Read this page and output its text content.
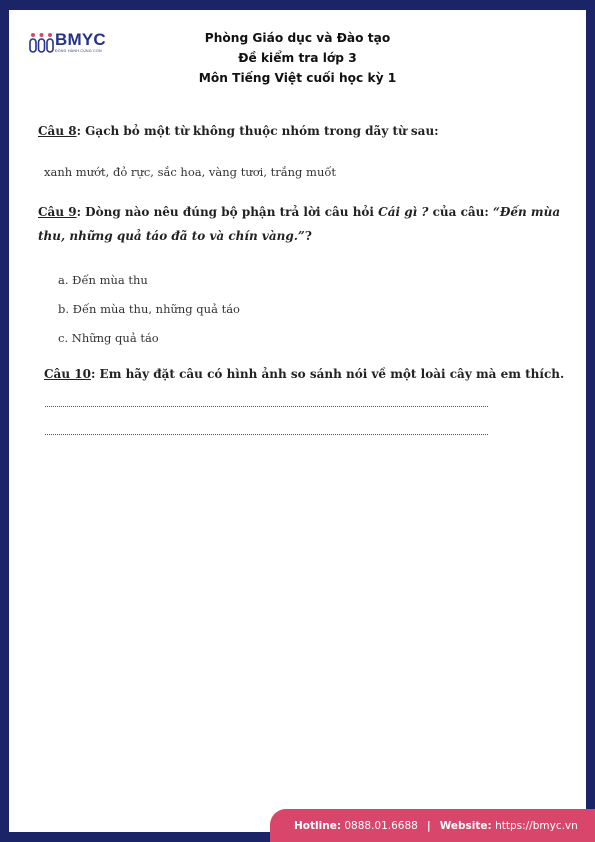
BMYC
ĐỒNG HÀNH CÙNG CON
Phòng Giáo dục và Đào tạo
Đề kiểm tra lớp 3
Môn Tiếng Việt cuối học kỳ 1
Câu 8: Gạch bỏ một từ không thuộc nhóm trong dãy từ sau:
xanh mướt, đỏ rực, sắc hoa, vàng tươi, trắng muốt
Câu 9: Dòng nào nêu đúng bộ phận trả lời câu hỏi Cái gì ? của câu: “Đến mùa
thu, những quả táo đã to và chín vàng.”?
a. Đến mùa thu
b. Đến mùa thu, những quả táo
c. Những quả táo
Câu 10: Em hãy đặt câu có hình ảnh so sánh nói về một loài cây mà em thích.
Hotline:
0888.01.6688 | Website:
https://bmyc.vn
